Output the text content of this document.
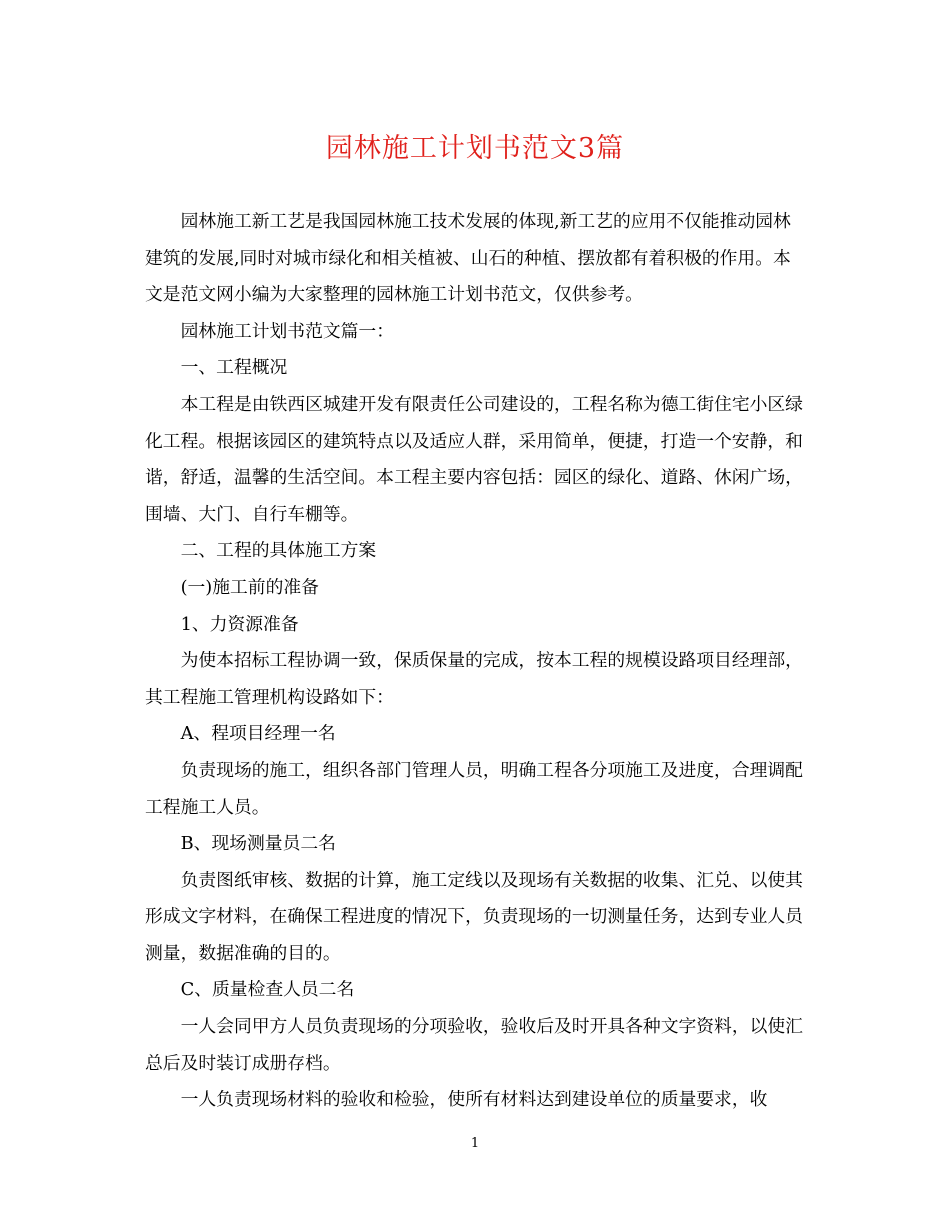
园林施工计划书范文3篇

园林施工新工艺是我国园林施工技术发展的体现,新工艺的应用不仅能推动园林建筑的发展,同时对城市绿化和相关植被、山石的种植、摆放都有着积极的作用。本文是范文网小编为大家整理的园林施工计划书范文，仅供参考。

园林施工计划书范文篇一：

一、工程概况

本工程是由铁西区城建开发有限责任公司建设的，工程名称为德工街住宅小区绿化工程。根据该园区的建筑特点以及适应人群，采用简单，便捷，打造一个安静，和谐，舒适，温馨的生活空间。本工程主要内容包括：园区的绿化、道路、休闲广场，围墙、大门、自行车棚等。

二、工程的具体施工方案

(一)施工前的准备

1、力资源准备

为使本招标工程协调一致，保质保量的完成，按本工程的规模设路项目经理部，其工程施工管理机构设路如下：

A、程项目经理一名

负责现场的施工，组织各部门管理人员，明确工程各分项施工及进度，合理调配工程施工人员。

B、现场测量员二名

负责图纸审核、数据的计算，施工定线以及现场有关数据的收集、汇兑、以使其形成文字材料，在确保工程进度的情况下，负责现场的一切测量任务，达到专业人员测量，数据准确的目的。

C、质量检查人员二名

一人会同甲方人员负责现场的分项验收，验收后及时开具各种文字资料，以使汇总后及时装订成册存档。

一人负责现场材料的验收和检验，使所有材料达到建设单位的质量要求，收

1
